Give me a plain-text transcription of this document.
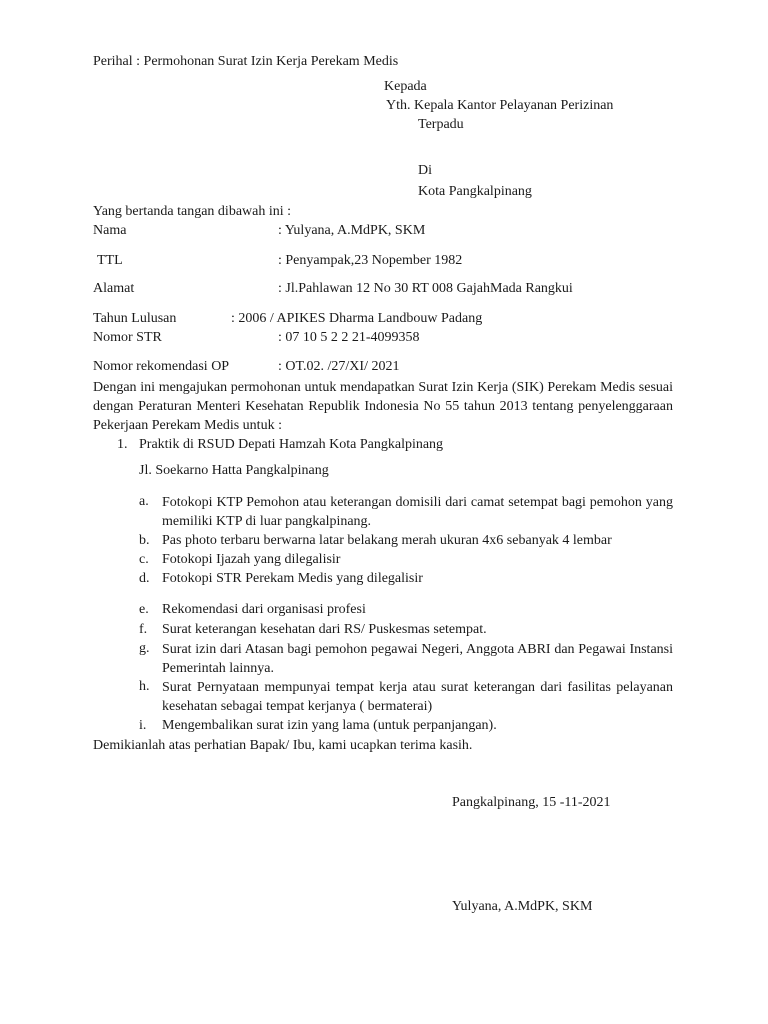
Perihal : Permohonan Surat Izin Kerja Perekam Medis
Kepada
Yth. Kepala Kantor Pelayanan Perizinan
Terpadu
Di
Kota Pangkalpinang
Yang bertanda tangan dibawah ini :
Nama	: Yulyana, A.MdPK, SKM
TTL	: Penyampak,23 Nopember 1982
Alamat	: Jl.Pahlawan 12 No 30 RT 008 GajahMada Rangkui
Tahun Lulusan	: 2006 / APIKES Dharma Landbouw Padang
Nomor STR	: 07 10 5 2 2 21-4099358
Nomor rekomendasi OP	: OT.02. /27/XI/ 2021
Dengan ini mengajukan permohonan untuk mendapatkan Surat Izin Kerja (SIK) Perekam Medis sesuai dengan Peraturan Menteri Kesehatan Republik Indonesia No 55 tahun 2013 tentang penyelenggaraan Pekerjaan Perekam Medis untuk :
1. Praktik di RSUD Depati Hamzah Kota Pangkalpinang
Jl. Soekarno Hatta Pangkalpinang
a. Fotokopi KTP Pemohon atau keterangan domisili dari camat setempat bagi pemohon yang memiliki KTP di luar pangkalpinang.
b. Pas photo terbaru berwarna latar belakang merah ukuran 4x6 sebanyak 4 lembar
c. Fotokopi Ijazah yang dilegalisir
d. Fotokopi STR Perekam Medis yang dilegalisir
e. Rekomendasi dari organisasi profesi
f. Surat keterangan kesehatan dari RS/ Puskesmas setempat.
g. Surat izin dari Atasan bagi pemohon pegawai Negeri, Anggota ABRI dan Pegawai Instansi Pemerintah lainnya.
h. Surat Pernyataan mempunyai tempat kerja atau surat keterangan dari fasilitas pelayanan kesehatan sebagai tempat kerjanya ( bermaterai)
i. Mengembalikan surat izin yang lama (untuk perpanjangan).
Demikianlah atas perhatian Bapak/ Ibu, kami ucapkan terima kasih.
Pangkalpinang, 15 -11-2021
Yulyana, A.MdPK, SKM
